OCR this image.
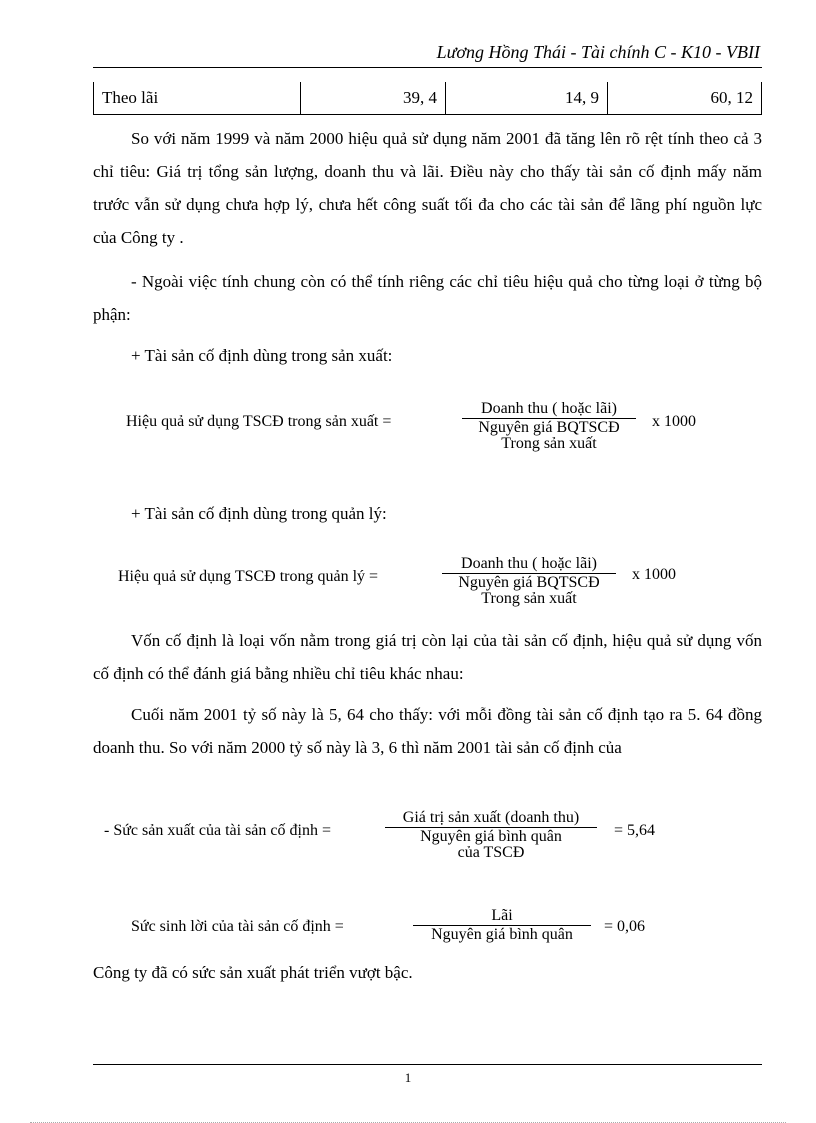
Lương Hồng Thái - Tài chính C - K10 - VBII
Theo lãi	39, 4	14, 9	60, 12
So với năm 1999 và năm 2000 hiệu quả sử dụng năm 2001 đã tăng lên rõ rệt tính theo cả 3 chỉ tiêu: Giá trị tổng sản lượng, doanh thu và lãi. Điều này cho thấy tài sản cố định mấy năm trước vẫn sử dụng chưa hợp lý, chưa hết công suất tối đa cho các tài sản để lãng phí nguồn lực của Công ty .
- Ngoài việc tính chung còn có thể tính riêng các chỉ tiêu hiệu quả cho từng loại ở từng bộ phận:
+ Tài sản cố định dùng trong sản xuất:
Hiệu quả sử dụng TSCĐ trong sản xuất =
Doanh thu ( hoặc lãi)
Nguyên giá BQTSCĐ
Trong sản xuất
x 1000
+ Tài sản cố định dùng trong quản lý:
Hiệu quả sử dụng TSCĐ trong quản lý =
Doanh thu ( hoặc lãi)
Nguyên giá BQTSCĐ
Trong sản xuất
x 1000
Vốn cố định là loại vốn nằm trong giá trị còn lại của tài sản cố định, hiệu quả sử dụng vốn cố định có thể đánh giá bằng nhiều chỉ tiêu khác nhau:
Cuối năm 2001 tỷ số này là 5, 64 cho thấy: với mỗi đồng tài sản cố định tạo ra 5. 64 đồng doanh thu. So với năm 2000 tỷ số này là 3, 6 thì năm 2001 tài sản cố định của
- Sức sản xuất của tài sản cố định =
Giá trị sản xuất (doanh thu)
Nguyên giá bình quân
của TSCĐ
= 5,64
Sức sinh lời của tài sản cố định =
Lãi
Nguyên giá bình quân	= 0,06
Công ty đã có sức sản xuất phát triển vượt bậc.
1
